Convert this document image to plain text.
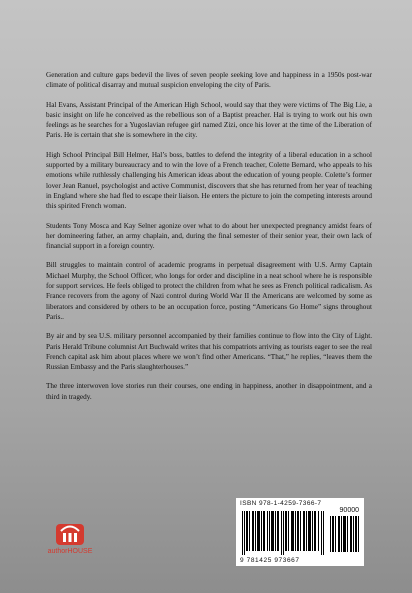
Generation and culture gaps bedevil the lives of seven people seeking love and happiness in a 1950s post-war climate of political disarray and mutual suspicion enveloping the city of Paris.

Hal Evans, Assistant Principal of the American High School, would say that they were victims of The Big Lie, a basic insight on life he conceived as the rebellious son of a Baptist preacher. Hal is trying to work out his own feelings as he searches for a Yugoslavian refugee girl named Zizi, once his lover at the time of the Liberation of Paris. He is certain that she is somewhere in the city.

High School Principal Bill Helmer, Hal’s boss, battles to defend the integrity of a liberal education in a school supported by a military bureaucracy and to win the love of a French teacher, Colette Bernard, who appeals to his emotions while ruthlessly challenging his American ideas about the education of young people. Colette’s former lover Jean Ranuel, psychologist and active Communist, discovers that she has returned from her year of teaching in England where she had fled to escape their liaison. He enters the picture to join the competing interests around this spirited French woman.

Students Tony Mosca and Kay Selner agonize over what to do about her unexpected pregnancy amidst fears of her domineering father, an army chaplain, and, during the final semester of their senior year, their own lack of financial support in a foreign country.

Bill struggles to maintain control of academic programs in perpetual disagreement with U.S. Army Captain Michael Murphy, the School Officer, who longs for order and discipline in a neat school where he is responsible for support services. He feels obliged to protect the children from what he sees as French political radicalism. As France recovers from the agony of Nazi control during World War II the Americans are welcomed by some as liberators and considered by others to be an occupation force, posting “Americans Go Home” signs throughout Paris..

By air and by sea U.S. military personnel accompanied by their families continue to flow into the City of Light. Paris Herald Tribune columnist Art Buchwald writes that his compatriots arriving as tourists eager to see the real French capital ask him about places where we won’t find other Americans. “That,” he replies, “leaves them the Russian Embassy and the Paris slaughterhouses.”

The three interwoven love stories run their courses, one ending in happiness, another in disappointment, and a third in tragedy.

authorHOUSE
ISBN 978-1-4259-7366-7
90000
9 781425 973667
